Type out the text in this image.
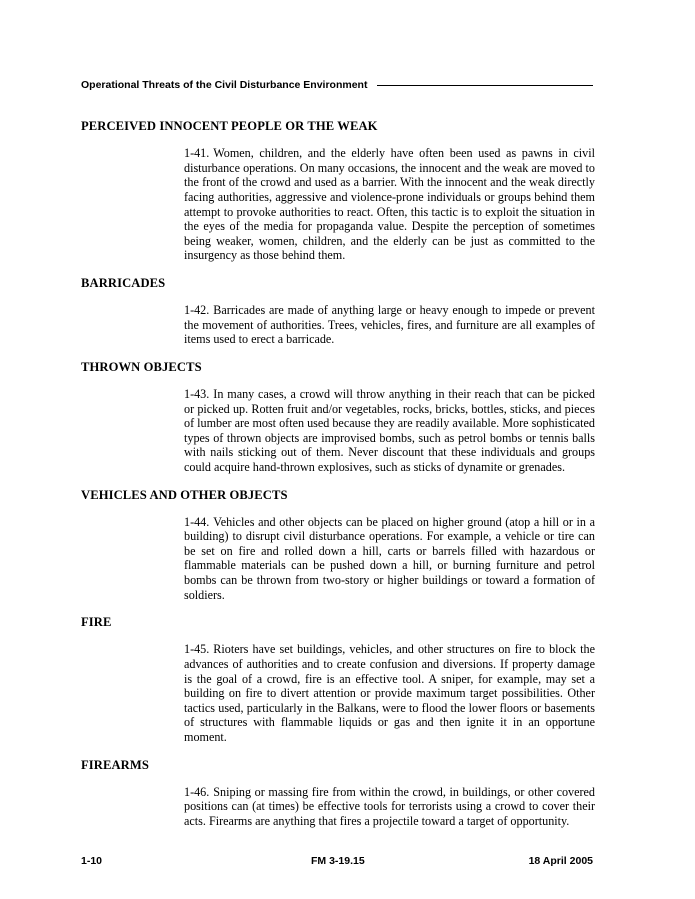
Operational Threats of the Civil Disturbance Environment
PERCEIVED INNOCENT PEOPLE OR THE WEAK

1-41. Women, children, and the elderly have often been used as pawns in civil disturbance operations. On many occasions, the innocent and the weak are moved to the front of the crowd and used as a barrier. With the innocent and the weak directly facing authorities, aggressive and violence-prone individuals or groups behind them attempt to provoke authorities to react. Often, this tactic is to exploit the situation in the eyes of the media for propaganda value. Despite the perception of sometimes being weaker, women, children, and the elderly can be just as committed to the insurgency as those behind them.

BARRICADES

1-42. Barricades are made of anything large or heavy enough to impede or prevent the movement of authorities. Trees, vehicles, fires, and furniture are all examples of items used to erect a barricade.

THROWN OBJECTS

1-43. In many cases, a crowd will throw anything in their reach that can be picked or picked up. Rotten fruit and/or vegetables, rocks, bricks, bottles, sticks, and pieces of lumber are most often used because they are readily available. More sophisticated types of thrown objects are improvised bombs, such as petrol bombs or tennis balls with nails sticking out of them. Never discount that these individuals and groups could acquire hand-thrown explosives, such as sticks of dynamite or grenades.

VEHICLES AND OTHER OBJECTS

1-44. Vehicles and other objects can be placed on higher ground (atop a hill or in a building) to disrupt civil disturbance operations. For example, a vehicle or tire can be set on fire and rolled down a hill, carts or barrels filled with hazardous or flammable materials can be pushed down a hill, or burning furniture and petrol bombs can be thrown from two-story or higher buildings or toward a formation of soldiers.

FIRE

1-45. Rioters have set buildings, vehicles, and other structures on fire to block the advances of authorities and to create confusion and diversions. If property damage is the goal of a crowd, fire is an effective tool. A sniper, for example, may set a building on fire to divert attention or provide maximum target possibilities. Other tactics used, particularly in the Balkans, were to flood the lower floors or basements of structures with flammable liquids or gas and then ignite it in an opportune moment.

FIREARMS

1-46. Sniping or massing fire from within the crowd, in buildings, or other covered positions can (at times) be effective tools for terrorists using a crowd to cover their acts. Firearms are anything that fires a projectile toward a target of opportunity.

1-10	FM 3-19.15	18 April 2005
